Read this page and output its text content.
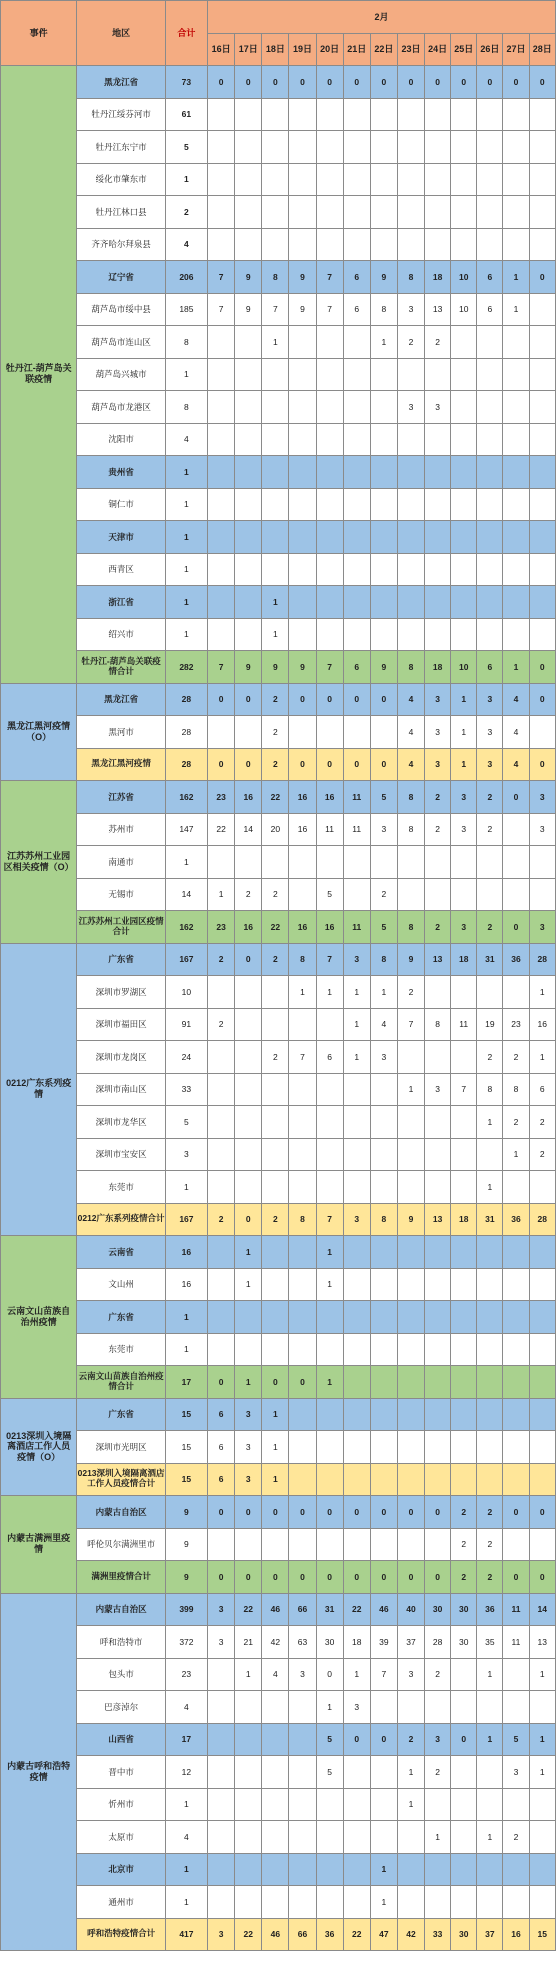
事件	地区	合计	2月												
			16日	17日	18日	19日	20日	21日	22日	23日	24日	25日	26日	27日	28日
牡丹江-葫芦岛关联疫情	黑龙江省	73	0	0	0	0	0	0	0	0	0	0	0	0	0
	牡丹江绥芬河市	61													
	牡丹江东宁市	5													
	绥化市肇东市	1													
	牡丹江林口县	2													
	齐齐哈尔拜泉县	4													
	辽宁省	206	7	9	8	9	7	6	9	8	18	10	6	1	0
	葫芦岛市绥中县	185	7	9	7	9	7	6	8	3	13	10	6	1	
	葫芦岛市连山区	8			1				1	2	2				
	葫芦岛兴城市	1													
	葫芦岛市龙港区	8								3	3				
	沈阳市	4													
	贵州省	1													
	铜仁市	1													
	天津市	1													
	西青区	1													
	浙江省	1			1										
	绍兴市	1			1										
	牡丹江-葫芦岛关联疫情合计	282	7	9	9	9	7	6	9	8	18	10	6	1	0
黑龙江黑河疫情（O）	黑龙江省	28	0	0	2	0	0	0	0	4	3	1	3	4	0
	黑河市	28			2					4	3	1	3	4	
	黑龙江黑河疫情	28	0	0	2	0	0	0	0	4	3	1	3	4	0
江苏苏州工业园区相关疫情（O）	江苏省	162	23	16	22	16	16	11	5	8	2	3	2	0	3
	苏州市	147	22	14	20	16	11	11	3	8	2	3	2		3
	南通市	1													
	无锡市	14	1	2	2		5		2						
	江苏苏州工业园区疫情合计	162	23	16	22	16	16	11	5	8	2	3	2	0	3
0212广东系列疫情	广东省	167	2	0	2	8	7	3	8	9	13	18	31	36	28
	深圳市罗湖区	10				1	1	1	1	2					1
	深圳市福田区	91	2					1	4	7	8	11	19	23	16
	深圳市龙岗区	24			2	7	6	1	3				2	2	1
	深圳市南山区	33								1	3	7	8	8	6
	深圳市龙华区	5											1	2	2
	深圳市宝安区	3												1	2
	东莞市	1											1		
	0212广东系列疫情合计	167	2	0	2	8	7	3	8	9	13	18	31	36	28
云南文山苗族自治州疫情	云南省	16		1			1								
	文山州	16		1			1								
	广东省	1													
	东莞市	1													
	云南文山苗族自治州疫情合计	17	0	1	0	0	1								
0213深圳入境隔离酒店工作人员疫情（O）	广东省	15	6	3	1										
	深圳市光明区	15	6	3	1										
	0213深圳入境隔离酒店工作人员疫情合计	15	6	3	1										
内蒙古满洲里疫情	内蒙古自治区	9	0	0	0	0	0	0	0	0	0	2	2	0	0
	呼伦贝尔满洲里市	9										2	2		
	满洲里疫情合计	9	0	0	0	0	0	0	0	0	0	2	2	0	0
内蒙古呼和浩特疫情	内蒙古自治区	399	3	22	46	66	31	22	46	40	30	30	36	11	14
	呼和浩特市	372	3	21	42	63	30	18	39	37	28	30	35	11	13
	包头市	23		1	4	3	0	1	7	3	2		1		1
	巴彦淖尔	4					1	3							
	山西省	17					5	0	0	2	3	0	1	5	1
	晋中市	12					5			1	2			3	1
	忻州市	1								1					
	太原市	4									1		1	2	
	北京市	1							1						
	通州市	1							1						
	呼和浩特疫情合计	417	3	22	46	66	36	22	47	42	33	30	37	16	15
